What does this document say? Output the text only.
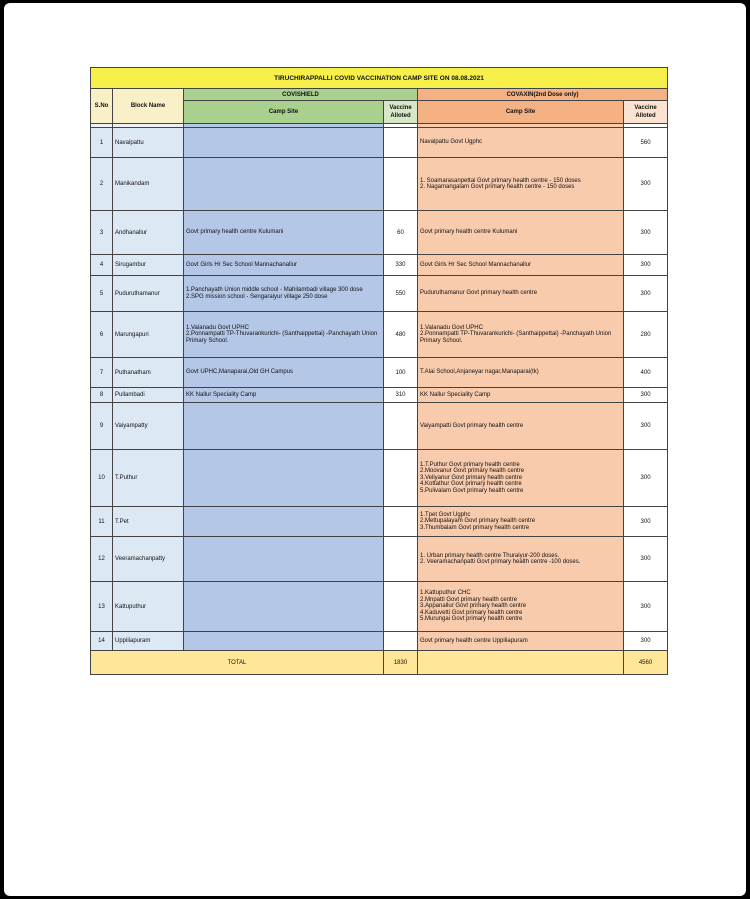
TIRUCHIRAPPALLI COVID VACCINATION CAMP SITE ON 08.08.2021					
S.No	Block Name	COVISHIELD		COVAXIN(2nd Dose only)	
		Camp Site	Vaccine Alloted	Camp Site	Vaccine Alloted

1	Navalpattu			Navalpattu Govt Ugphc	560
2	Manikandam			1. Soamarasanpettai Govt primary health centre - 150 doses
2. Nagamangalam Govt primary health centre - 150 doses	300
3	Andhanallur	Govt primary health centre Kulumani	60	Govt primary health centre Kulumani	300
4	Sirugambur	Govt Girls Hr Sec School Mannachanallur	330	Govt Girls Hr Sec School Mannachanallur	300
5	Puduruthamanur	1.Panchayath Union middle school - Mahilambadi village 300 dose
2.SPG mission school - Sengaraiyur village 250 dose	550	Puduruthamanur Govt primary health centre	300
6	Marungapuri	1.Valanadu Govt UPHC
2.Ponnampatti TP-Thuvarankurichi- (Santhaippettai) -Panchayath Union Primary School.	480	1.Valanadu Govt UPHC
2.Ponnampatti TP-Thuvarankurichi- (Santhaippettai) -Panchayath Union Primary School.	280
7	Puthanatham	Govt UPHC,Manaparai,Old GH Campus	100	T.Alai School,Anjaneyar nagar,Manaparai(tk)	400
8	Pullambadi	KK Nallur Speciality Camp	310	KK Nallur Speciality Camp	300
9	Vaiyampatty			Vaiyampatti Govt primary health centre	300
10	T.Puthur			1.T.Puthur Govt primary health centre
2.Moovanur Govt primary health centre
3.Veliyanur Govt primary health centre
4.Kottathur Govt primary health centre
5.Pulivalam Govt primary health centre	300
11	T.Pet			1.Tpet Govt Ugphc
2.Mettupalayam Govt primary health centre
3.Thumbalam Govt primary health centre	300
12	Veeramachanpatty			1. Urban primary health centre Thuraiyur-200 doses.
2. Veeramachanpatti Govt primary health centre -100 doses.	300
13	Kattuputhur			1.Kattuputhur CHC
2.Mnpatti Govt primary health centre
3.Appanallur Govt primary health centre
4.Kaduvetti Govt primary health centre
5.Murungai Govt primary health centre	300
14	Uppiliapuram			Govt primary health centre Uppiliapuram	300
TOTAL			1830		4560
